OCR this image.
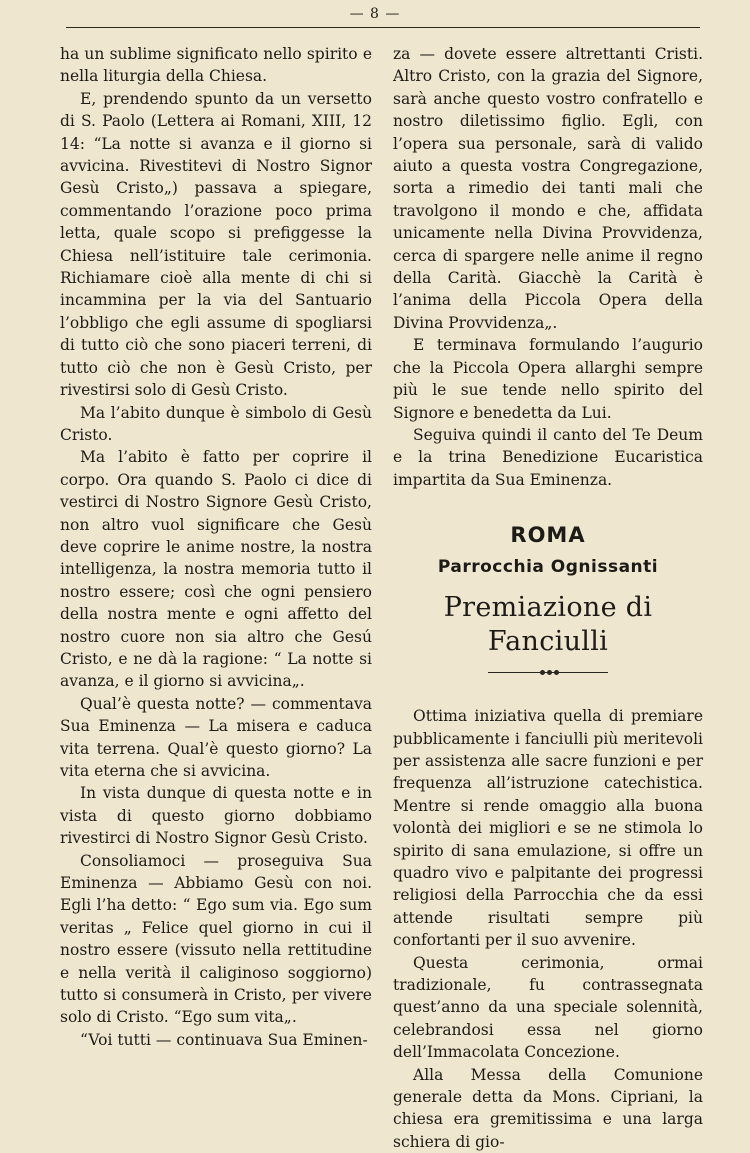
— 8 —

ha un sublime significato nello spirito e nella liturgia della Chiesa.

E, prendendo spunto da un versetto di S. Paolo (Lettera ai Romani, XIII, 12 14: “La notte si avanza e il giorno si avvicina. Rivestitevi di Nostro Signor Gesù Cristo„) passava a spiegare, commentando l’orazione poco prima letta, quale scopo si prefiggesse la Chiesa nell’istituire tale cerimonia. Richiamare cioè alla mente di chi si incammina per la via del Santuario l’obbligo che egli assume di spogliarsi di tutto ciò che sono piaceri terreni, di tutto ciò che non è Gesù Cristo, per rivestirsi solo di Gesù Cristo.

Ma l’abito dunque è simbolo di Gesù Cristo.

Ma l’abito è fatto per coprire il corpo. Ora quando S. Paolo ci dice di vestirci di Nostro Signore Gesù Cristo, non altro vuol significare che Gesù deve coprire le anime nostre, la nostra intelligenza, la nostra memoria tutto il nostro essere; così che ogni pensiero della nostra mente e ogni affetto del nostro cuore non sia altro che Gesú Cristo, e ne dà la ragione: “ La notte si avanza, e il giorno si avvicina„.

Qual’è questa notte? — commentava Sua Eminenza — La misera e caduca vita terrena. Qual’è questo giorno? La vita eterna che si avvicina.

In vista dunque di questa notte e in vista di questo giorno dobbiamo rivestirci di Nostro Signor Gesù Cristo.

Consoliamoci — proseguiva Sua Eminenza — Abbiamo Gesù con noi. Egli l’ha detto: “ Ego sum via. Ego sum veritas „ Felice quel giorno in cui il nostro essere (vissuto nella rettitudine e nella verità il caliginoso soggiorno) tutto si consumerà in Cristo, per vivere solo di Cristo. “Ego sum vita„.

“Voi tutti — continuava Sua Eminen-

za — dovete essere altrettanti Cristi. Altro Cristo, con la grazia del Signore, sarà anche questo vostro confratello e nostro diletissimo figlio. Egli, con l’opera sua personale, sarà di valido aiuto a questa vostra Congregazione, sorta a rimedio dei tanti mali che travolgono il mondo e che, affidata unicamente nella Divina Provvidenza, cerca di spargere nelle anime il regno della Carità. Giacchè la Carità è l’anima della Piccola Opera della Divina Provvidenza„.

E terminava formulando l’augurio che la Piccola Opera allarghi sempre più le sue tende nello spirito del Signore e benedetta da Lui.

Seguiva quindi il canto del Te Deum e la trina Benedizione Eucaristica impartita da Sua Eminenza.

ROMA
Parrocchia Ognissanti
Premiazione di Fanciulli

Ottima iniziativa quella di premiare pubblicamente i fanciulli più meritevoli per assistenza alle sacre funzioni e per frequenza all’istruzione catechistica. Mentre si rende omaggio alla buona volontà dei migliori e se ne stimola lo spirito di sana emulazione, si offre un quadro vivo e palpitante dei progressi religiosi della Parrocchia che da essi attende risultati sempre più confortanti per il suo avvenire.

Questa cerimonia, ormai tradizionale, fu contrassegnata quest’anno da una speciale solennità, celebrandosi essa nel giorno dell’Immacolata Concezione.

Alla Messa della Comunione generale detta da Mons. Cipriani, la chiesa era gremitissima e una larga schiera di gio-
